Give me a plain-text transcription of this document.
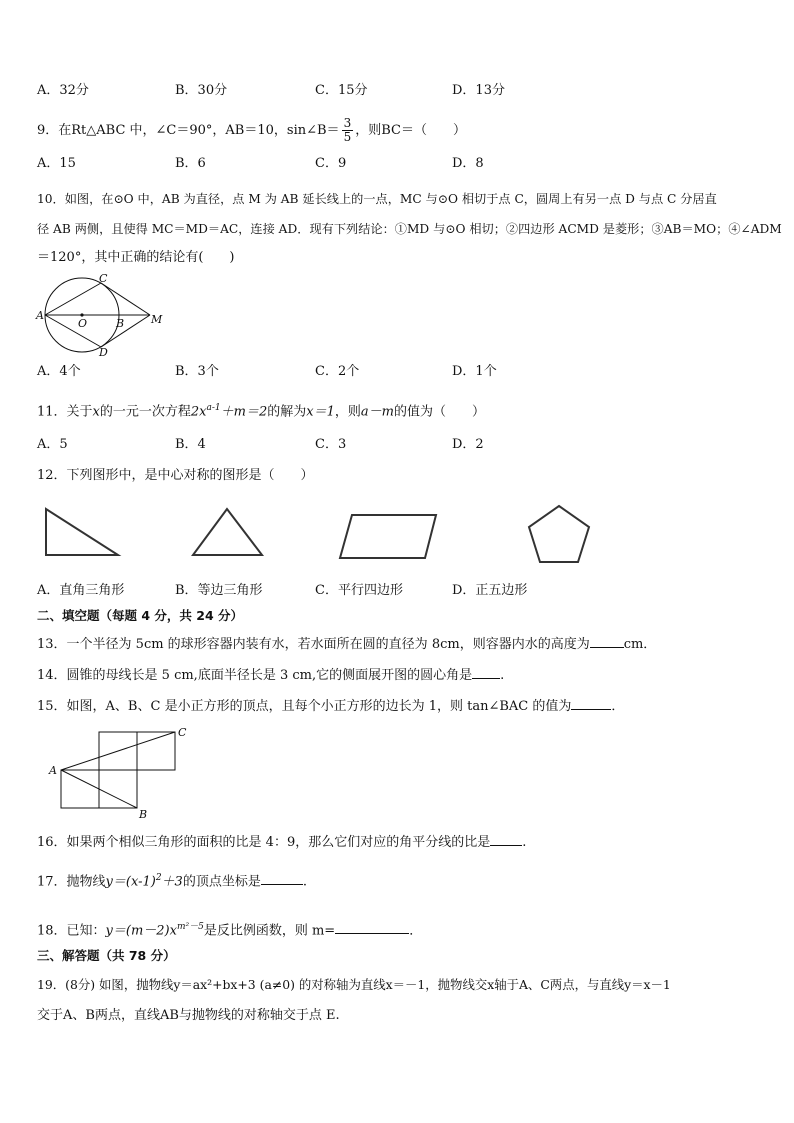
A．32分	B．30分	C．15分	D．13分
9．在Rt△ABC 中，∠C＝90°，AB＝10，sin∠B＝ $\frac{3}{5}$ ，则BC＝（　　）
A．15	B．6	C．9	D．8
10．如图，在⊙O 中，AB 为直径，点 M 为 AB 延长线上的一点，MC 与⊙O 相切于点 C，圆周上有另一点 D 与点 C 分居直
径 AB 两侧，且使得 MC＝MD＝AC，连接 AD．现有下列结论：①MD 与⊙O 相切；②四边形 ACMD 是菱形；③AB＝MO；④∠ADM
＝120°，其中正确的结论有(　　)
A
C
O	B M
D
A．4个	B．3个	C．2个	D．1个
11．关于x的一元一次方程$2x^{a-1}+m=2$的解为x＝1，则a－m的值为（　　）
A．5	B．4	C．3	D．2
12．下列图形中，是中心对称的图形是（　　）
A．直角三角形	B．等边三角形	C．平行四边形	D．正五边形
二、填空题（每题 4 分，共 24 分）
13．一个半径为 5cm 的球形容器内装有水，若水面所在圆的直径为 8cm，则容器内水的高度为	cm．
14．圆锥的母线长是 5 cm,底面半径长是 3 cm,它的侧面展开图的圆心角是 .
15．如图，A、B、C 是小正方形的顶点，且每个小正方形的边长为 1，则 tan∠BAC 的值为	．
A
C
B
16．如果两个相似三角形的面积的比是 4：9，那么它们对应的角平分线的比是 .
17．抛物线$y=(x-1)^2+3$的顶点坐标是	.
18．已知：$y=(m-2)x^{m^2-5}$是反比例函数，则 m=	．
三、解答题（共 78 分）
19．(8分) 如图，抛物线y＝ax²+bx+3 (a≠0) 的对称轴为直线x＝－1，抛物线交x轴于A、C两点，与直线y＝x－1
交于A、B两点，直线AB与抛物线的对称轴交于点 E.
